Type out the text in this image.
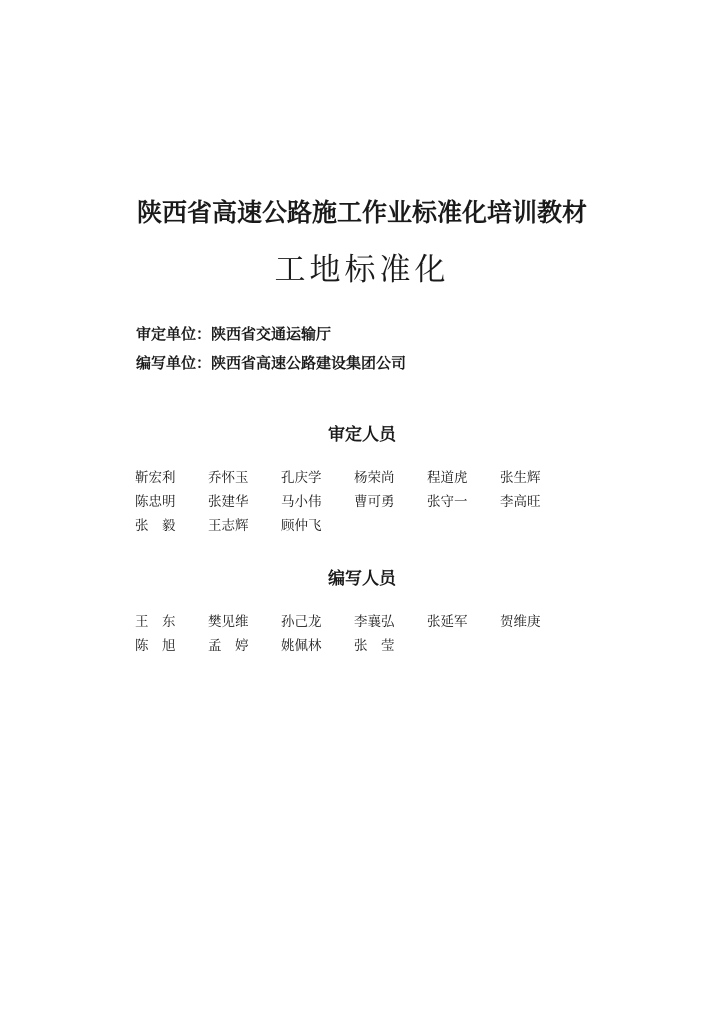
陕西省高速公路施工作业标准化培训教材
工地标准化
审定单位：陕西省交通运输厅
编写单位：陕西省高速公路建设集团公司
审定人员
靳宏利	乔怀玉	孔庆学	杨荣尚	程道虎	张生辉
陈忠明	张建华	马小伟	曹可勇	张守一	李高旺
张　毅	王志辉	顾仲飞
编写人员
王　东	樊见维	孙己龙	李襄弘	张延军	贺维庚
陈　旭	孟　婷	姚佩林	张　莹
